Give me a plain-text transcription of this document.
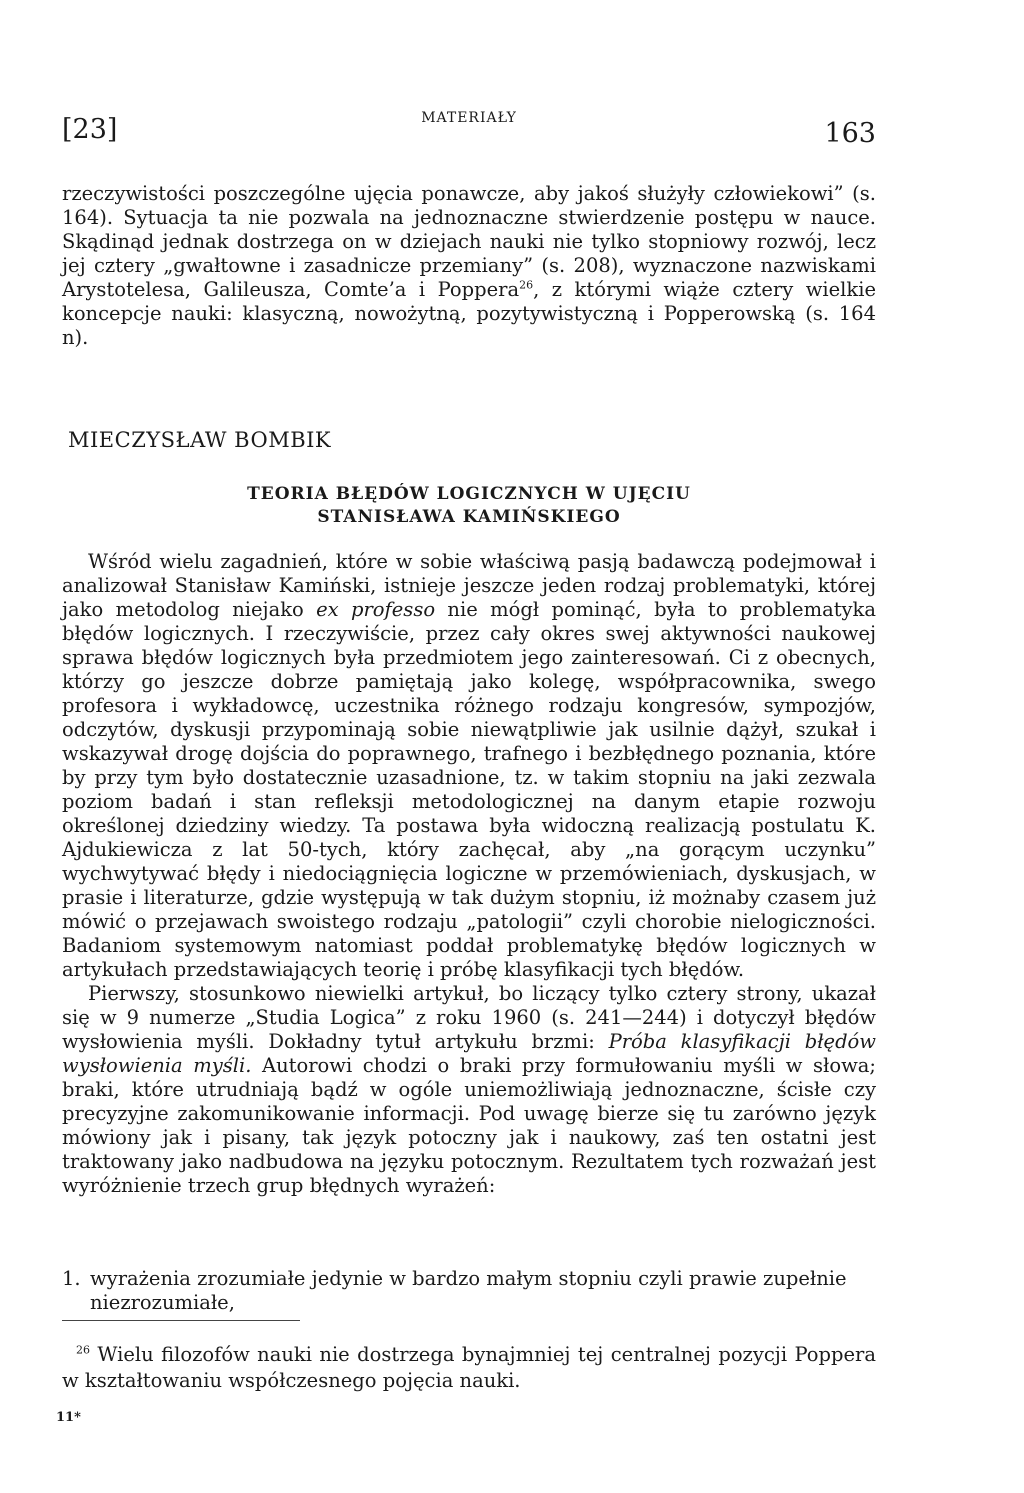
[23]	MATERIAŁY	163

rzeczywistości poszczególne ujęcia ponawcze, aby jakoś służyły człowiekowi” (s. 164). Sytuacja ta nie pozwala na jednoznaczne stwierdzenie postępu w nauce. Skądinąd jednak dostrzega on w dziejach nauki nie tylko stopniowy rozwój, lecz jej cztery „gwałtowne i zasadnicze przemiany” (s. 208), wyznaczone nazwiskami Arystotelesa, Galileusza, Comte’a i Poppera$^{26}$, z którymi wiąże cztery wielkie koncepcje nauki: klasyczną, nowożytną, pozytywistyczną i Popperowską (s. 164 n).

MIECZYSŁAW BOMBIK
TEORIA BŁĘDÓW LOGICZNYCH W UJĘCIU
STANISŁAWA KAMIŃSKIEGO

Wśród wielu zagadnień, które w sobie właściwą pasją badawczą podejmował i analizował Stanisław Kamiński, istnieje jeszcze jeden rodzaj problematyki, której jako metodolog niejako ex professo nie mógł pominąć, była to problematyka błędów logicznych. I rzeczywiście, przez cały okres swej aktywności naukowej sprawa błędów logicznych była przedmiotem jego zainteresowań. Ci z obecnych, którzy go jeszcze dobrze pamiętają jako kolegę, współpracownika, swego profesora i wykładowcę, uczestnika różnego rodzaju kongresów, sympozjów, odczytów, dyskusji przypominają sobie niewątpliwie jak usilnie dążył, szukał i wskazywał drogę dojścia do poprawnego, trafnego i bezbłędnego poznania, które by przy tym było dostatecznie uzasadnione, tz. w takim stopniu na jaki zezwala poziom badań i stan refleksji metodologicznej na danym etapie rozwoju określonej dziedziny wiedzy. Ta postawa była widoczną realizacją postulatu K. Ajdukiewicza z lat 50-tych, który zachęcał, aby „na gorącym uczynku” wychwytywać błędy i niedociągnięcia logiczne w przemówieniach, dyskusjach, w prasie i literaturze, gdzie występują w tak dużym stopniu, iż możnaby czasem już mówić o przejawach swoistego rodzaju „patologii” czyli chorobie nielogiczności. Badaniom systemowym natomiast poddał problematykę błędów logicznych w artykułach przedstawiających teorię i próbę klasyfikacji tych błędów.

Pierwszy, stosunkowo niewielki artykuł, bo liczący tylko cztery strony, ukazał się w 9 numerze „Studia Logica” z roku 1960 (s. 241—244) i dotyczył błędów wysłowienia myśli. Dokładny tytuł artykułu brzmi: Próba klasyfikacji błędów wysłowienia myśli. Autorowi chodzi o braki przy formułowaniu myśli w słowa; braki, które utrudniają bądź w ogóle uniemożliwiają jednoznaczne, ścisłe czy precyzyjne zakomunikowanie informacji. Pod uwagę bierze się tu zarówno język mówiony jak i pisany, tak język potoczny jak i naukowy, zaś ten ostatni jest traktowany jako nadbudowa na języku potocznym. Rezultatem tych rozważań jest wyróżnienie trzech grup błędnych wyrażeń:

1. wyrażenia zrozumiałe jedynie w bardzo małym stopniu czyli prawie zupełnie niezrozumiałe,

$^{26}$ Wielu filozofów nauki nie dostrzega bynajmniej tej centralnej pozycji Poppera w kształtowaniu współczesnego pojęcia nauki.

11*
